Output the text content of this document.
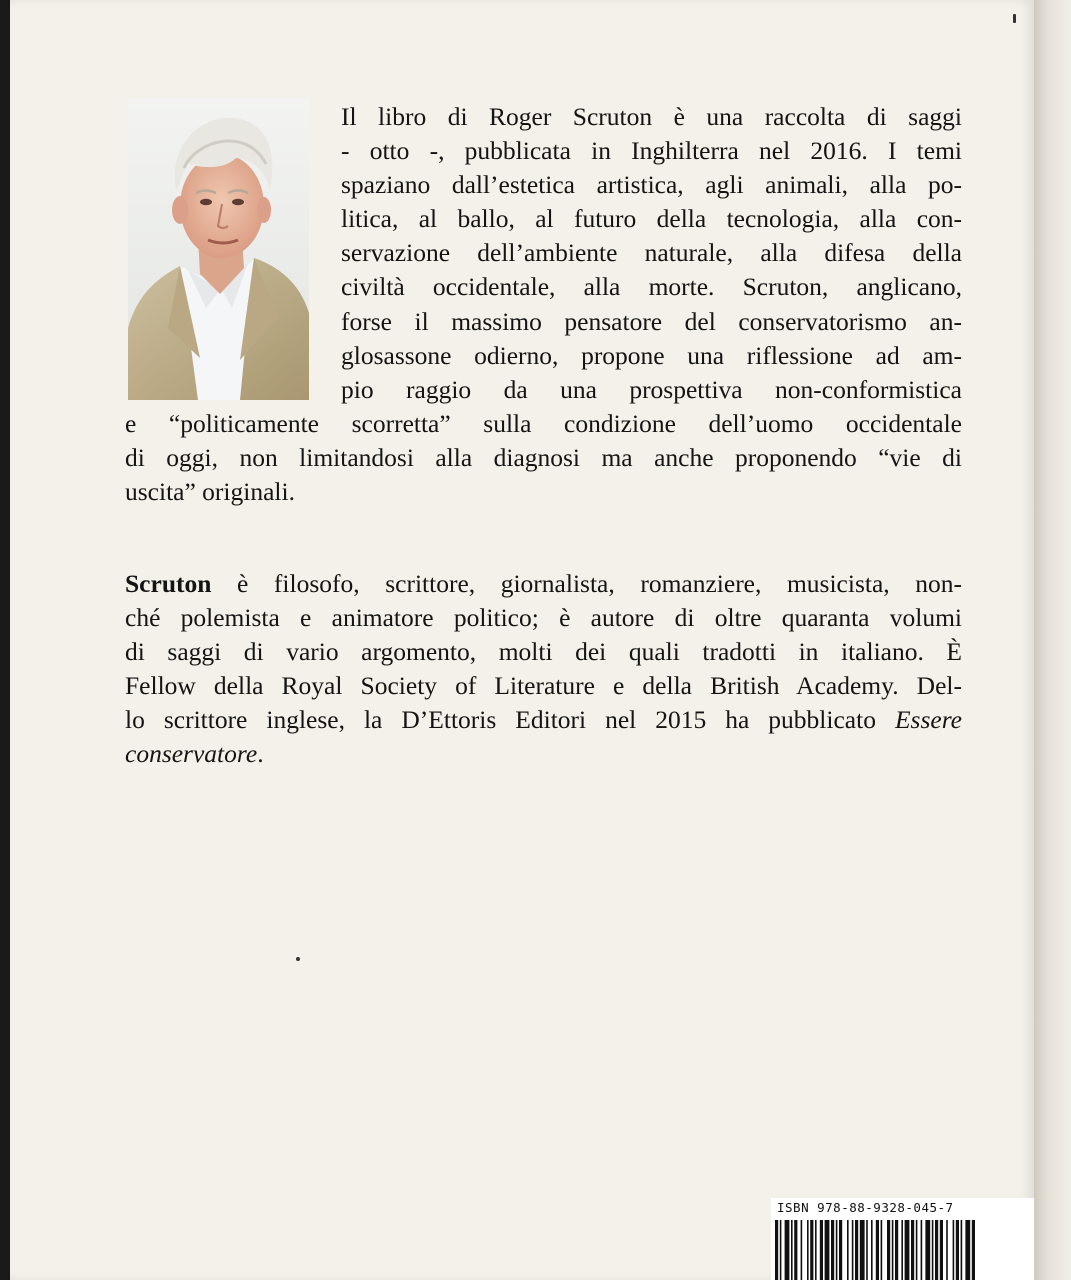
Il libro di Roger Scruton è una raccolta di saggi
- otto -, pubblicata in Inghilterra nel 2016. I temi
spaziano dall’estetica artistica, agli animali, alla po-
litica, al ballo, al futuro della tecnologia, alla con-
servazione dell’ambiente naturale, alla difesa della
civiltà occidentale, alla morte. Scruton, anglicano,
forse il massimo pensatore del conservatorismo an-
glosassone odierno, propone una riflessione ad am-
pio raggio da una prospettiva non-conformistica
e “politicamente scorretta” sulla condizione dell’uomo occidentale
di oggi, non limitandosi alla diagnosi ma anche proponendo “vie di
uscita” originali.
Scruton è filosofo, scrittore, giornalista, romanziere, musicista, non-
ché polemista e animatore politico; è autore di oltre quaranta volumi
di saggi di vario argomento, molti dei quali tradotti in italiano. È
Fellow della Royal Society of Literature e della British Academy. Del-
lo scrittore inglese, la D’Ettoris Editori nel 2015 ha pubblicato Essere
conservatore.
ISBN 978-88-9328-045-7
